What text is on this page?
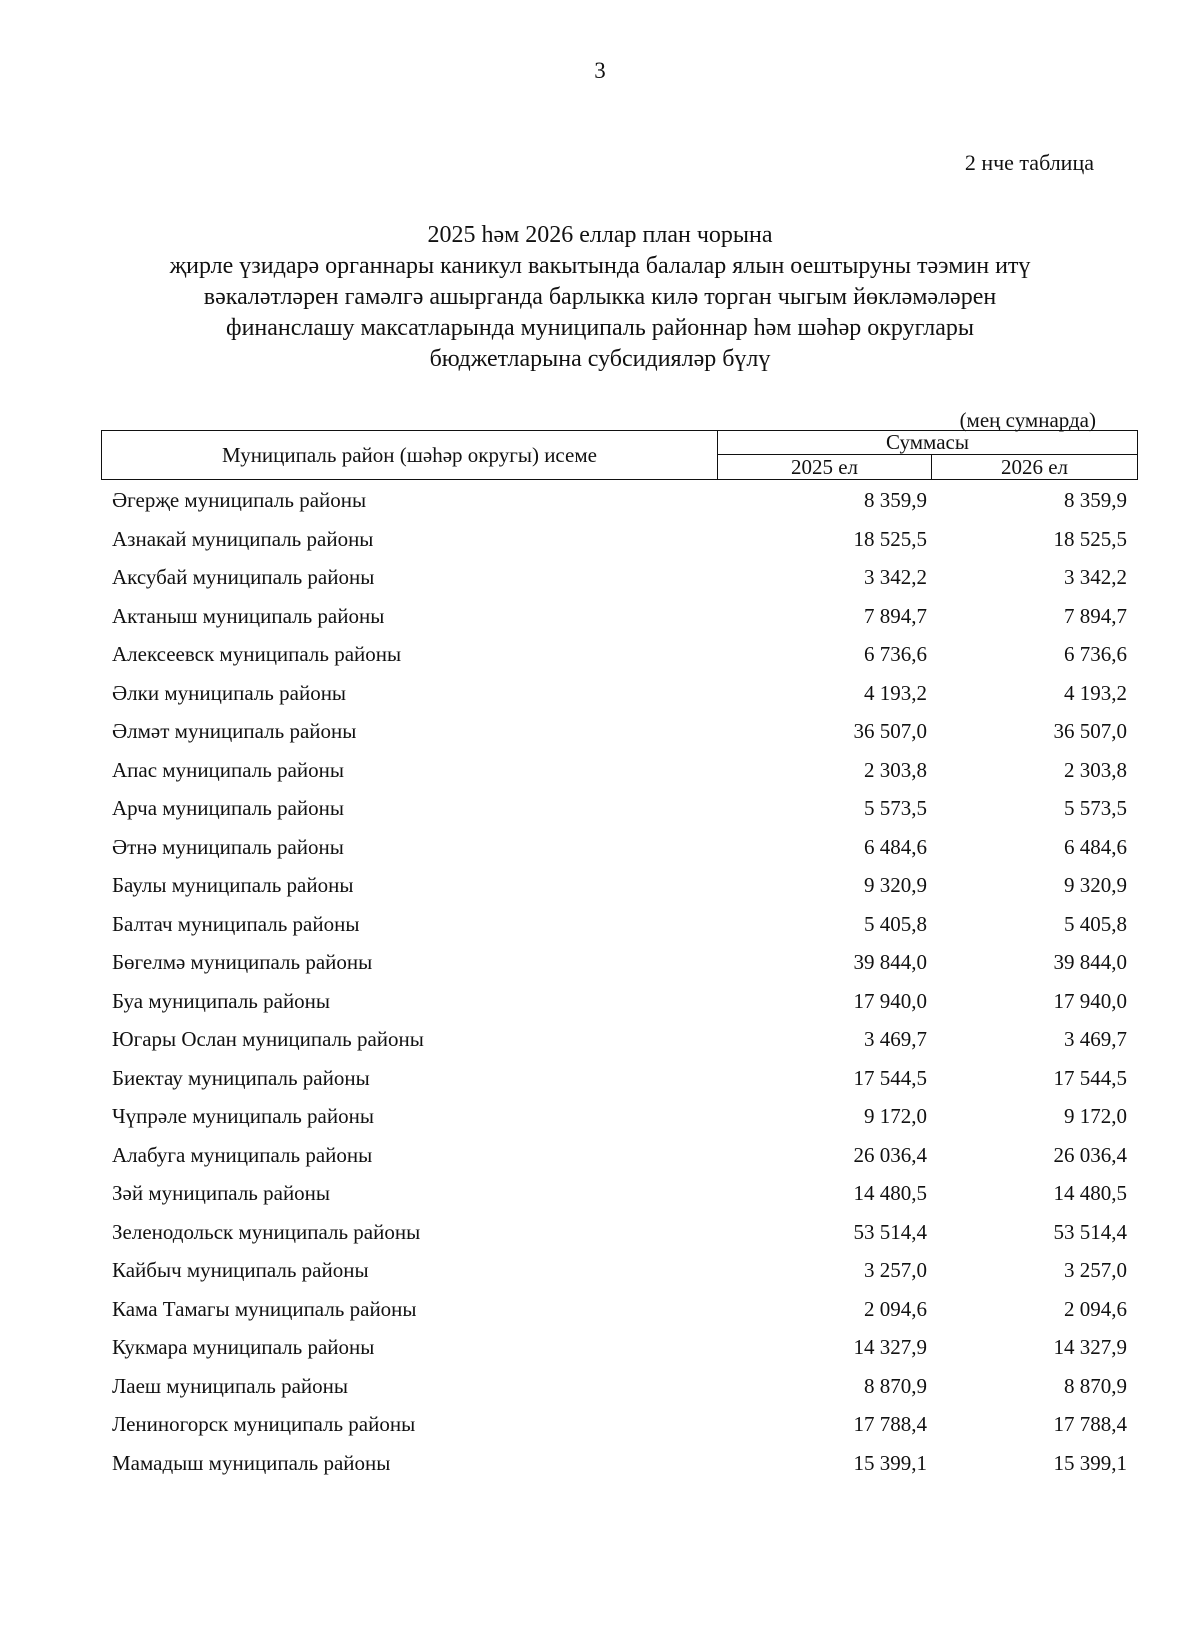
3
2 нче таблица
2025 һәм 2026 еллар план чорына
җирле үзидарә органнары каникул вакытында балалар ялын оештыруны тәэмин итү
вәкаләтләрен гамәлгә ашырганда барлыкка килә торган чыгым йөкләмәләрен
финанслашу максатларында муниципаль районнар һәм шәһәр округлары
бюджетларына субсидияләр бүлү
(мең сумнарда)
Муниципаль район (шәһәр округы) исеме
Суммасы
2025 ел	2026 ел
Әгерҗе муниципаль районы	8 359,9	8 359,9
Азнакай муниципаль районы	18 525,5	18 525,5
Аксубай муниципаль районы	3 342,2	3 342,2
Актаныш муниципаль районы	7 894,7	7 894,7
Алексеевск муниципаль районы	6 736,6	6 736,6
Әлки муниципаль районы	4 193,2	4 193,2
Әлмәт муниципаль районы	36 507,0	36 507,0
Апас муниципаль районы	2 303,8	2 303,8
Арча муниципаль районы	5 573,5	5 573,5
Әтнә муниципаль районы	6 484,6	6 484,6
Баулы муниципаль районы	9 320,9	9 320,9
Балтач муниципаль районы	5 405,8	5 405,8
Бөгелмә муниципаль районы	39 844,0	39 844,0
Буа муниципаль районы	17 940,0	17 940,0
Югары Ослан муниципаль районы	3 469,7	3 469,7
Биектау муниципаль районы	17 544,5	17 544,5
Чүпрәле муниципаль районы	9 172,0	9 172,0
Алабуга муниципаль районы	26 036,4	26 036,4
Зәй муниципаль районы	14 480,5	14 480,5
Зеленодольск муниципаль районы	53 514,4	53 514,4
Кайбыч муниципаль районы	3 257,0	3 257,0
Кама Тамагы муниципаль районы	2 094,6	2 094,6
Кукмара муниципаль районы	14 327,9	14 327,9
Лаеш муниципаль районы	8 870,9	8 870,9
Лениногорск муниципаль районы	17 788,4	17 788,4
Мамадыш муниципаль районы	15 399,1	15 399,1
